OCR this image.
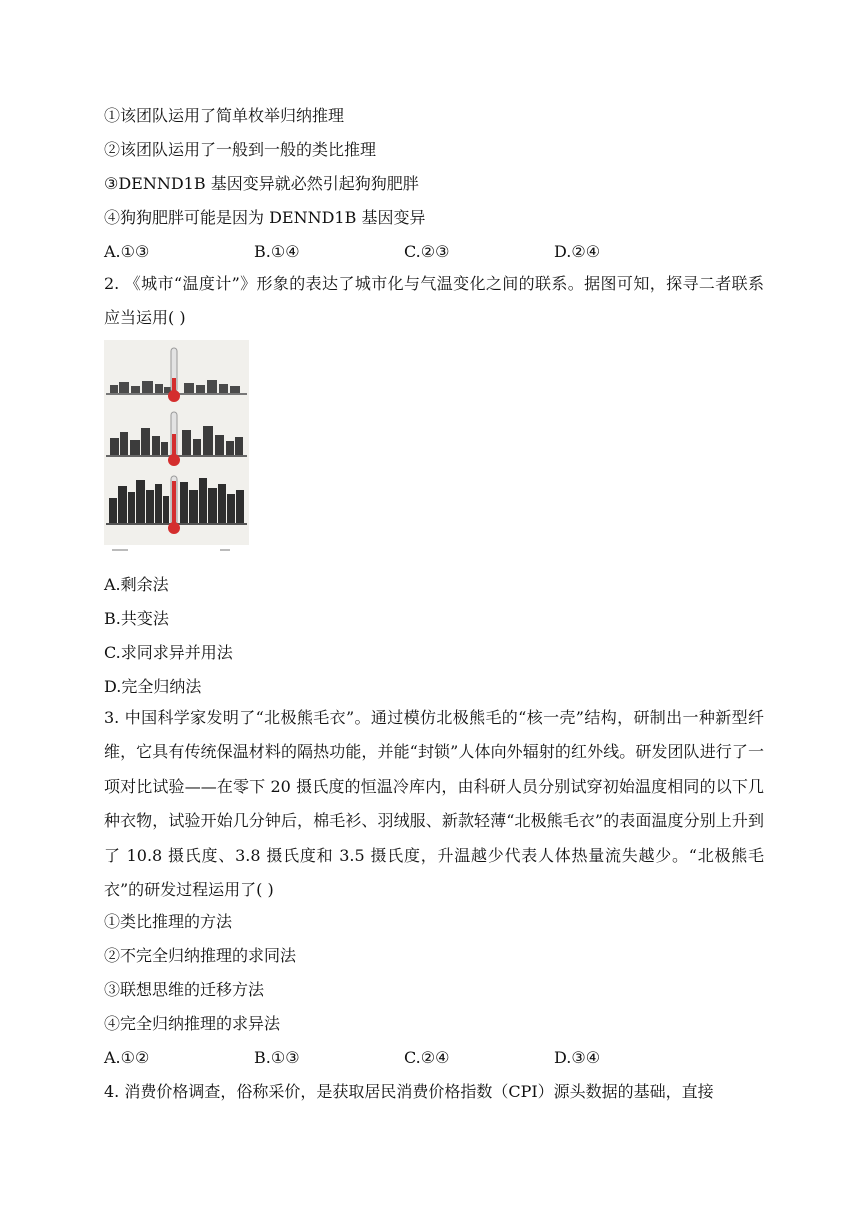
①该团队运用了简单枚举归纳推理
②该团队运用了一般到一般的类比推理
③DENND1B 基因变异就必然引起狗狗肥胖
④狗狗肥胖可能是因为 DENND1B 基因变异
A.①③	B.①④	C.②③	D.②④
2. 《城市“温度计”》形象的表达了城市化与气温变化之间的联系。据图可知，探寻二者联系应当运用( )
A.剩余法
B.共变法
C.求同求异并用法
D.完全归纳法
3. 中国科学家发明了“北极熊毛衣”。通过模仿北极熊毛的“核一壳”结构，研制出一种新型纤维，它具有传统保温材料的隔热功能，并能“封锁”人体向外辐射的红外线。研发团队进行了一项对比试验——在零下 20 摄氏度的恒温冷库内，由科研人员分别试穿初始温度相同的以下几种衣物，试验开始几分钟后，棉毛衫、羽绒服、新款轻薄“北极熊毛衣”的表面温度分别上升到了 10.8 摄氏度、3.8 摄氏度和 3.5 摄氏度，升温越少代表人体热量流失越少。“北极熊毛衣”的研发过程运用了( )
①类比推理的方法
②不完全归纳推理的求同法
③联想思维的迁移方法
④完全归纳推理的求异法
A.①②	B.①③	C.②④	D.③④
4. 消费价格调查，俗称采价，是获取居民消费价格指数（CPI）源头数据的基础，直接
